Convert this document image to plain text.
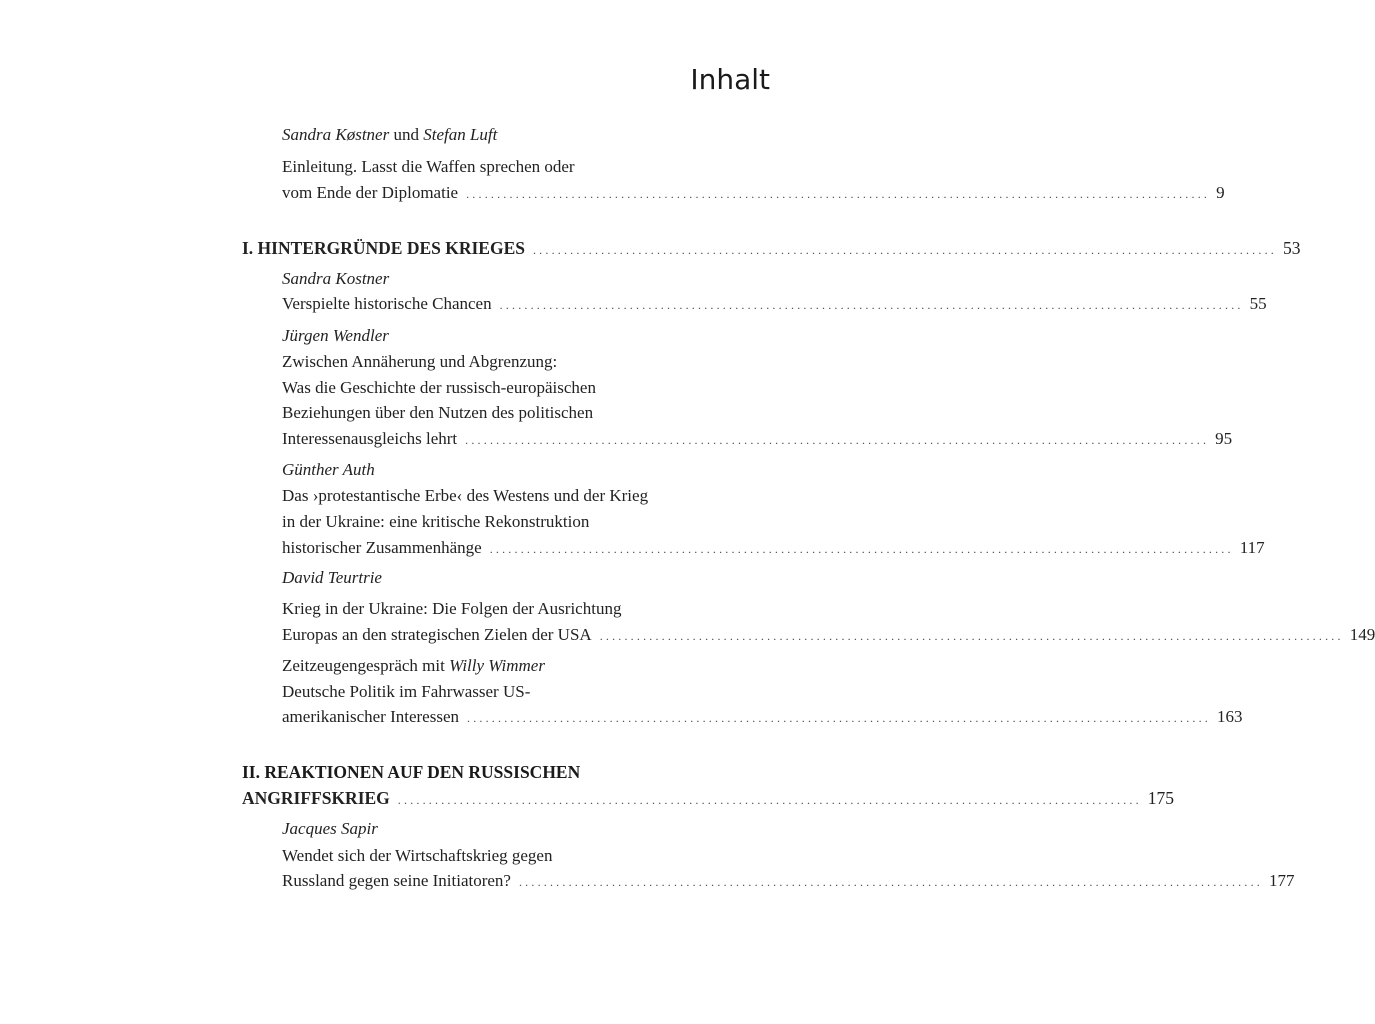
Inhalt
Sandra Køstner und Stefan Luft
Einleitung. Lasst die Waffen sprechen oder
vom Ende der Diplomatie ........................................................................................................................ 9
I. HINTERGRÜNDE DES KRIEGES ........................................................................................................................ 53
Sandra Kostner
Verspielte historische Chancen ........................................................................................................................ 55
Jürgen Wendler
Zwischen Annäherung und Abgrenzung:
Was die Geschichte der russisch-europäischen
Beziehungen über den Nutzen des politischen
Interessenausgleichs lehrt ........................................................................................................................ 95
Günther Auth
Das ›protestantische Erbe‹ des Westens und der Krieg
in der Ukraine: eine kritische Rekonstruktion
historischer Zusammenhänge ........................................................................................................................ 117
David Teurtrie
Krieg in der Ukraine: Die Folgen der Ausrichtung
Europas an den strategischen Zielen der USA ........................................................................................................................ 149
Zeitzeugengespräch mit Willy Wimmer
Deutsche Politik im Fahrwasser US-
amerikanischer Interessen ........................................................................................................................ 163
II. REAKTIONEN AUF DEN RUSSISCHEN
ANGRIFFSKRIEG ........................................................................................................................ 175
Jacques Sapir
Wendet sich der Wirtschaftskrieg gegen
Russland gegen seine Initiatoren? ........................................................................................................................ 177
